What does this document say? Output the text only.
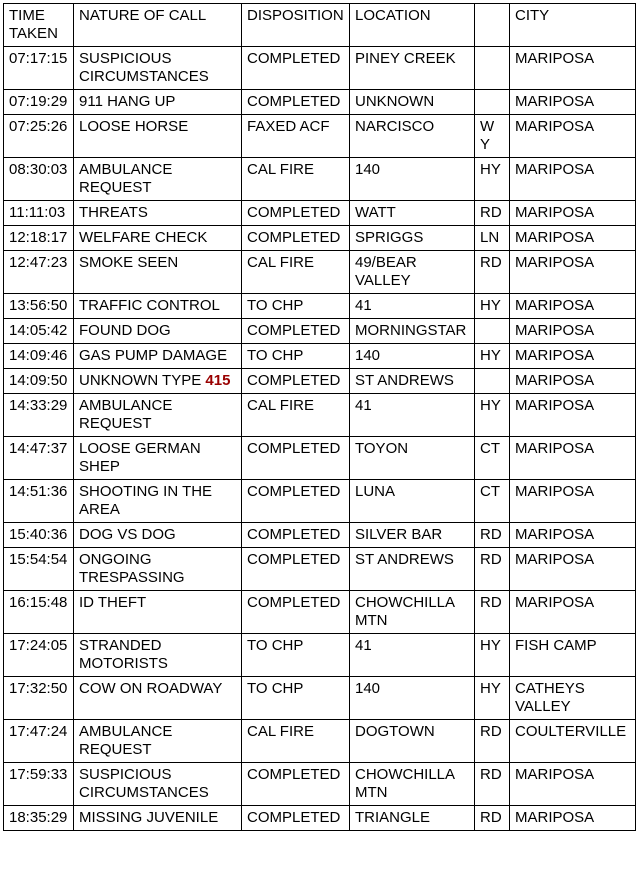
TIME TAKEN	NATURE OF CALL	DISPOSITION	LOCATION		CITY
07:17:15	SUSPICIOUS CIRCUMSTANCES	COMPLETED	PINEY CREEK		MARIPOSA
07:19:29	911 HANG UP	COMPLETED	UNKNOWN		MARIPOSA
07:25:26	LOOSE HORSE	FAXED ACF	NARCISCO	WY	MARIPOSA
08:30:03	AMBULANCE REQUEST	CAL FIRE	140	HY	MARIPOSA
11:11:03	THREATS	COMPLETED	WATT	RD	MARIPOSA
12:18:17	WELFARE CHECK	COMPLETED	SPRIGGS	LN	MARIPOSA
12:47:23	SMOKE SEEN	CAL FIRE	49/BEAR VALLEY	RD	MARIPOSA
13:56:50	TRAFFIC CONTROL	TO CHP	41	HY	MARIPOSA
14:05:42	FOUND DOG	COMPLETED	MORNINGSTAR		MARIPOSA
14:09:46	GAS PUMP DAMAGE	TO CHP	140	HY	MARIPOSA
14:09:50	UNKNOWN TYPE 415	COMPLETED	ST ANDREWS		MARIPOSA
14:33:29	AMBULANCE REQUEST	CAL FIRE	41	HY	MARIPOSA
14:47:37	LOOSE GERMAN SHEP	COMPLETED	TOYON	CT	MARIPOSA
14:51:36	SHOOTING IN THE AREA	COMPLETED	LUNA	CT	MARIPOSA
15:40:36	DOG VS DOG	COMPLETED	SILVER BAR	RD	MARIPOSA
15:54:54	ONGOING TRESPASSING	COMPLETED	ST ANDREWS	RD	MARIPOSA
16:15:48	ID THEFT	COMPLETED	CHOWCHILLA MTN	RD	MARIPOSA
17:24:05	STRANDED MOTORISTS	TO CHP	41	HY	FISH CAMP
17:32:50	COW ON ROADWAY	TO CHP	140	HY	CATHEYS VALLEY
17:47:24	AMBULANCE REQUEST	CAL FIRE	DOGTOWN	RD	COULTERVILLE
17:59:33	SUSPICIOUS CIRCUMSTANCES	COMPLETED	CHOWCHILLA MTN	RD	MARIPOSA
18:35:29	MISSING JUVENILE	COMPLETED	TRIANGLE	RD	MARIPOSA
